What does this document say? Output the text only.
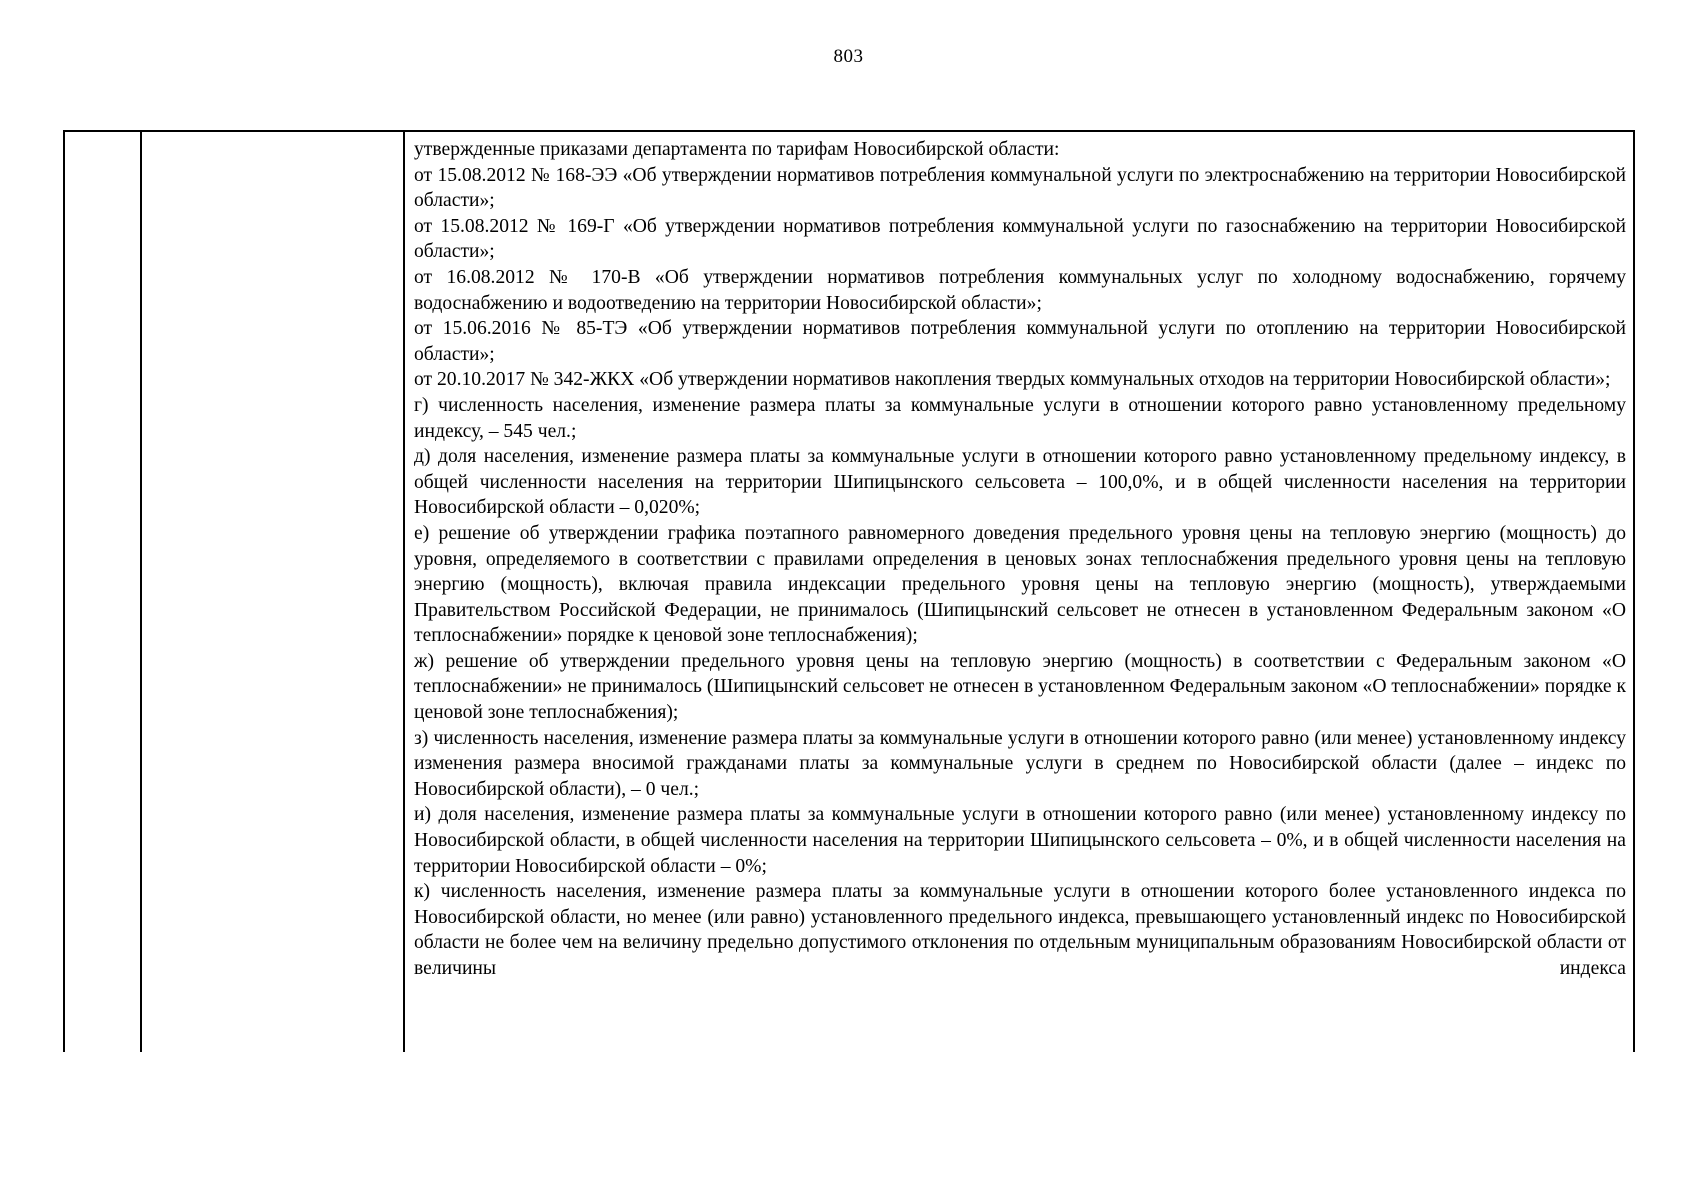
803

утвержденные приказами департамента по тарифам Новосибирской области:

от 15.08.2012 № 168-ЭЭ «Об утверждении нормативов потребления коммунальной услуги по электроснабжению на территории Новосибирской области»;

от 15.08.2012 № 169-Г «Об утверждении нормативов потребления коммунальной услуги по газоснабжению на территории Новосибирской области»;

от 16.08.2012 № 170-В «Об утверждении нормативов потребления коммунальных услуг по холодному водоснабжению, горячему водоснабжению и водоотведению на территории Новосибирской области»;

от 15.06.2016 № 85-ТЭ «Об утверждении нормативов потребления коммунальной услуги по отоплению на территории Новосибирской области»;

от 20.10.2017 № 342-ЖКХ «Об утверждении нормативов накопления твердых коммунальных отходов на территории Новосибирской области»;

г) численность населения, изменение размера платы за коммунальные услуги в отношении которого равно установленному предельному индексу, – 545 чел.;

д) доля населения, изменение размера платы за коммунальные услуги в отношении которого равно установленному предельному индексу, в общей численности населения на территории Шипицынского сельсовета – 100,0%, и в общей численности населения на территории Новосибирской области – 0,020%;

е) решение об утверждении графика поэтапного равномерного доведения предельного уровня цены на тепловую энергию (мощность) до уровня, определяемого в соответствии с правилами определения в ценовых зонах теплоснабжения предельного уровня цены на тепловую энергию (мощность), включая правила индексации предельного уровня цены на тепловую энергию (мощность), утверждаемыми Правительством Российской Федерации, не принималось (Шипицынский сельсовет не отнесен в установленном Федеральным законом «О теплоснабжении» порядке к ценовой зоне теплоснабжения);

ж) решение об утверждении предельного уровня цены на тепловую энергию (мощность) в соответствии с Федеральным законом «О теплоснабжении» не принималось (Шипицынский сельсовет не отнесен в установленном Федеральным законом «О теплоснабжении» порядке к ценовой зоне теплоснабжения);

з) численность населения, изменение размера платы за коммунальные услуги в отношении которого равно (или менее) установленному индексу изменения размера вносимой гражданами платы за коммунальные услуги в среднем по Новосибирской области (далее – индекс по Новосибирской области), – 0 чел.;

и) доля населения, изменение размера платы за коммунальные услуги в отношении которого равно (или менее) установленному индексу по Новосибирской области, в общей численности населения на территории Шипицынского сельсовета – 0%, и в общей численности населения на территории Новосибирской области – 0%;

к) численность населения, изменение размера платы за коммунальные услуги в отношении которого более установленного индекса по Новосибирской области, но менее (или равно) установленного предельного индекса, превышающего установленный индекс по Новосибирской области не более чем на величину предельно допустимого отклонения по отдельным муниципальным образованиям Новосибирской области от величины индекса
